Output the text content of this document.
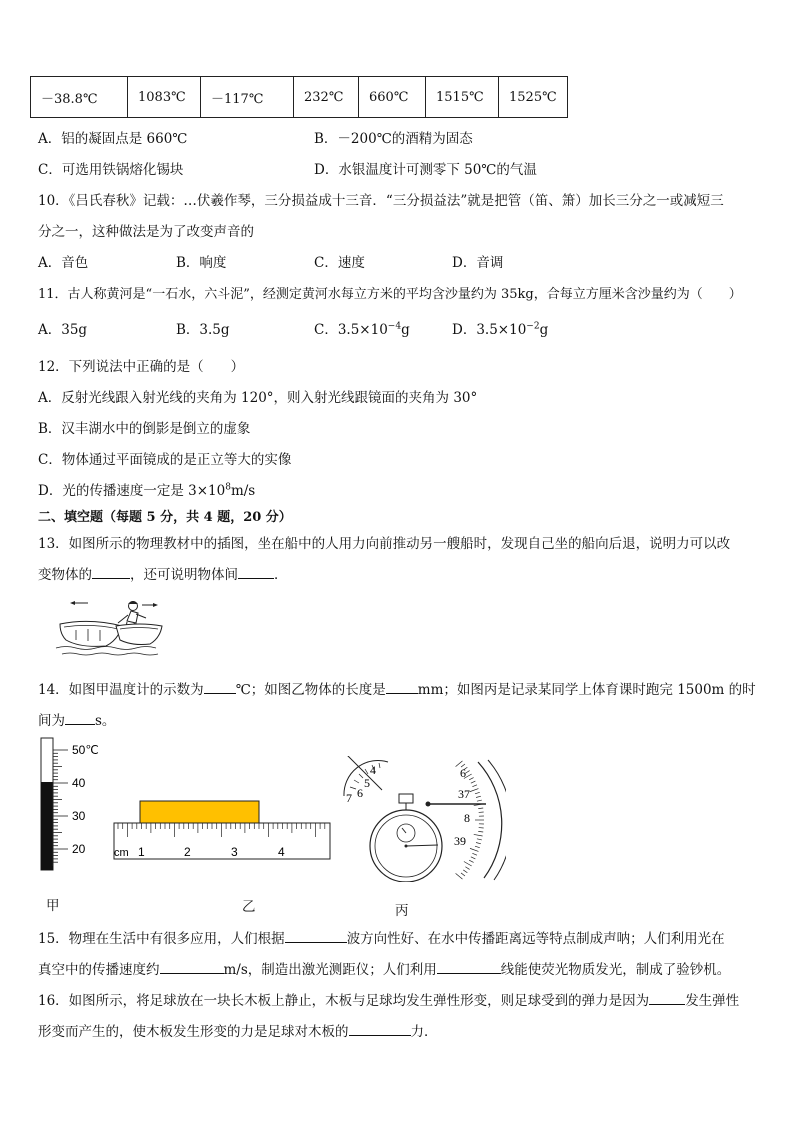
－38.8℃	1083℃	－117℃	232℃	660℃	1515℃	1525℃
A．铝的凝固点是 660℃	B．－200℃的酒精为固态
C．可选用铁锅熔化锡块	D．水银温度计可测零下 50℃的气温
10．《吕氏春秋》记载：…伏羲作琴，三分损益成十三音．“三分损益法”就是把管（笛、箫）加长三分之一或减短三
分之一，这种做法是为了改变声音的
A．音色	B．响度	C．速度	D．音调
11．古人称黄河是“一石水，六斗泥”，经测定黄河水每立方米的平均含沙量约为 35kg，合每立方厘米含沙量约为（　　）
A．35g	B．3.5g	C．$3.5\times 10^{-4}g$	D．$3.5\times 10^{-2}g$
12．下列说法中正确的是（　　）
A．反射光线跟入射光线的夹角为 120°，则入射光线跟镜面的夹角为 30°
B．汉丰湖水中的倒影是倒立的虚象
C．物体通过平面镜成的是正立等大的实像
D．光的传播速度一定是 $3\times 10^8m/s$
二、填空题（每题 5 分，共 4 题，20 分）
13．如图所示的物理教材中的插图，坐在船中的人用力向前推动另一艘船时，发现自己坐的船向后退，说明力可以改
变物体的	，还可说明物体间	．
14．如图甲温度计的示数为 ℃；如图乙物体的长度是 mm；如图丙是记录某同学上体育课时跑完 1500m 的时
间为 s。
50℃
40
30
20
甲
cm 1	2	3	4
乙
4
5
6
7
6
37
8
39
丙
15．物理在生活中有很多应用，人们根据	波方向性好、在水中传播距离远等特点制成声呐；人们利用光在
真空中的传播速度约	m/s，制造出激光测距仪；人们利用	线能使荧光物质发光，制成了验钞机。
16．如图所示，将足球放在一块长木板上静止，木板与足球均发生弹性形变，则足球受到的弹力是因为	发生弹性
形变而产生的，使木板发生形变的力是足球对木板的	力．
